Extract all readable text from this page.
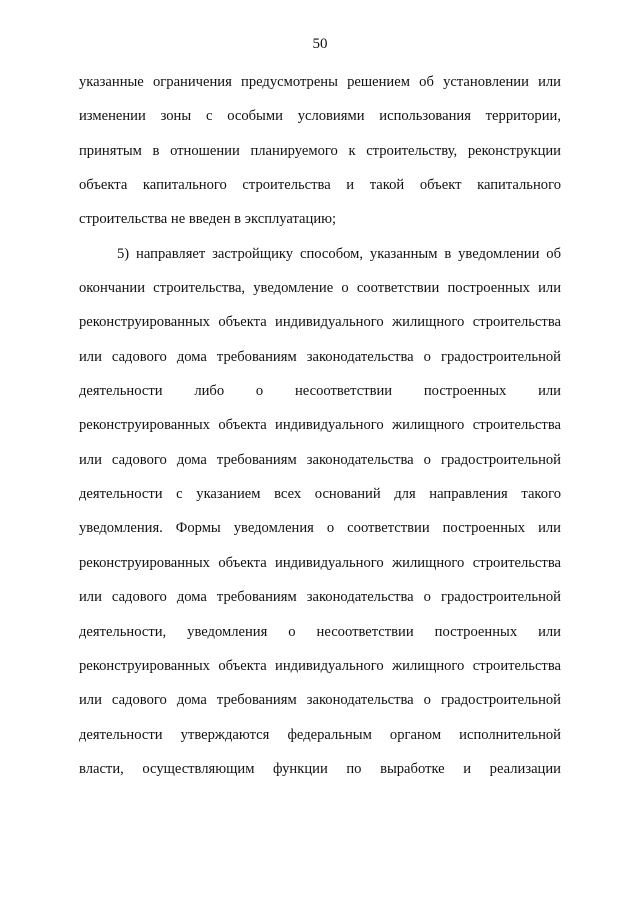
50
указанные ограничения предусмотрены решением об установлении или
изменении зоны с особыми условиями использования территории,
принятым в отношении планируемого к строительству, реконструкции
объекта капитального строительства и такой объект капитального
строительства не введен в эксплуатацию;
5) направляет застройщику способом, указанным в уведомлении об
окончании строительства, уведомление о соответствии построенных или
реконструированных объекта индивидуального жилищного строительства
или садового дома требованиям законодательства о градостроительной
деятельности либо о несоответствии построенных или
реконструированных объекта индивидуального жилищного строительства
или садового дома требованиям законодательства о градостроительной
деятельности с указанием всех оснований для направления такого
уведомления. Формы уведомления о соответствии построенных или
реконструированных объекта индивидуального жилищного строительства
или садового дома требованиям законодательства о градостроительной
деятельности, уведомления о несоответствии построенных или
реконструированных объекта индивидуального жилищного строительства
или садового дома требованиям законодательства о градостроительной
деятельности утверждаются федеральным органом исполнительной
власти, осуществляющим функции по выработке и реализации
